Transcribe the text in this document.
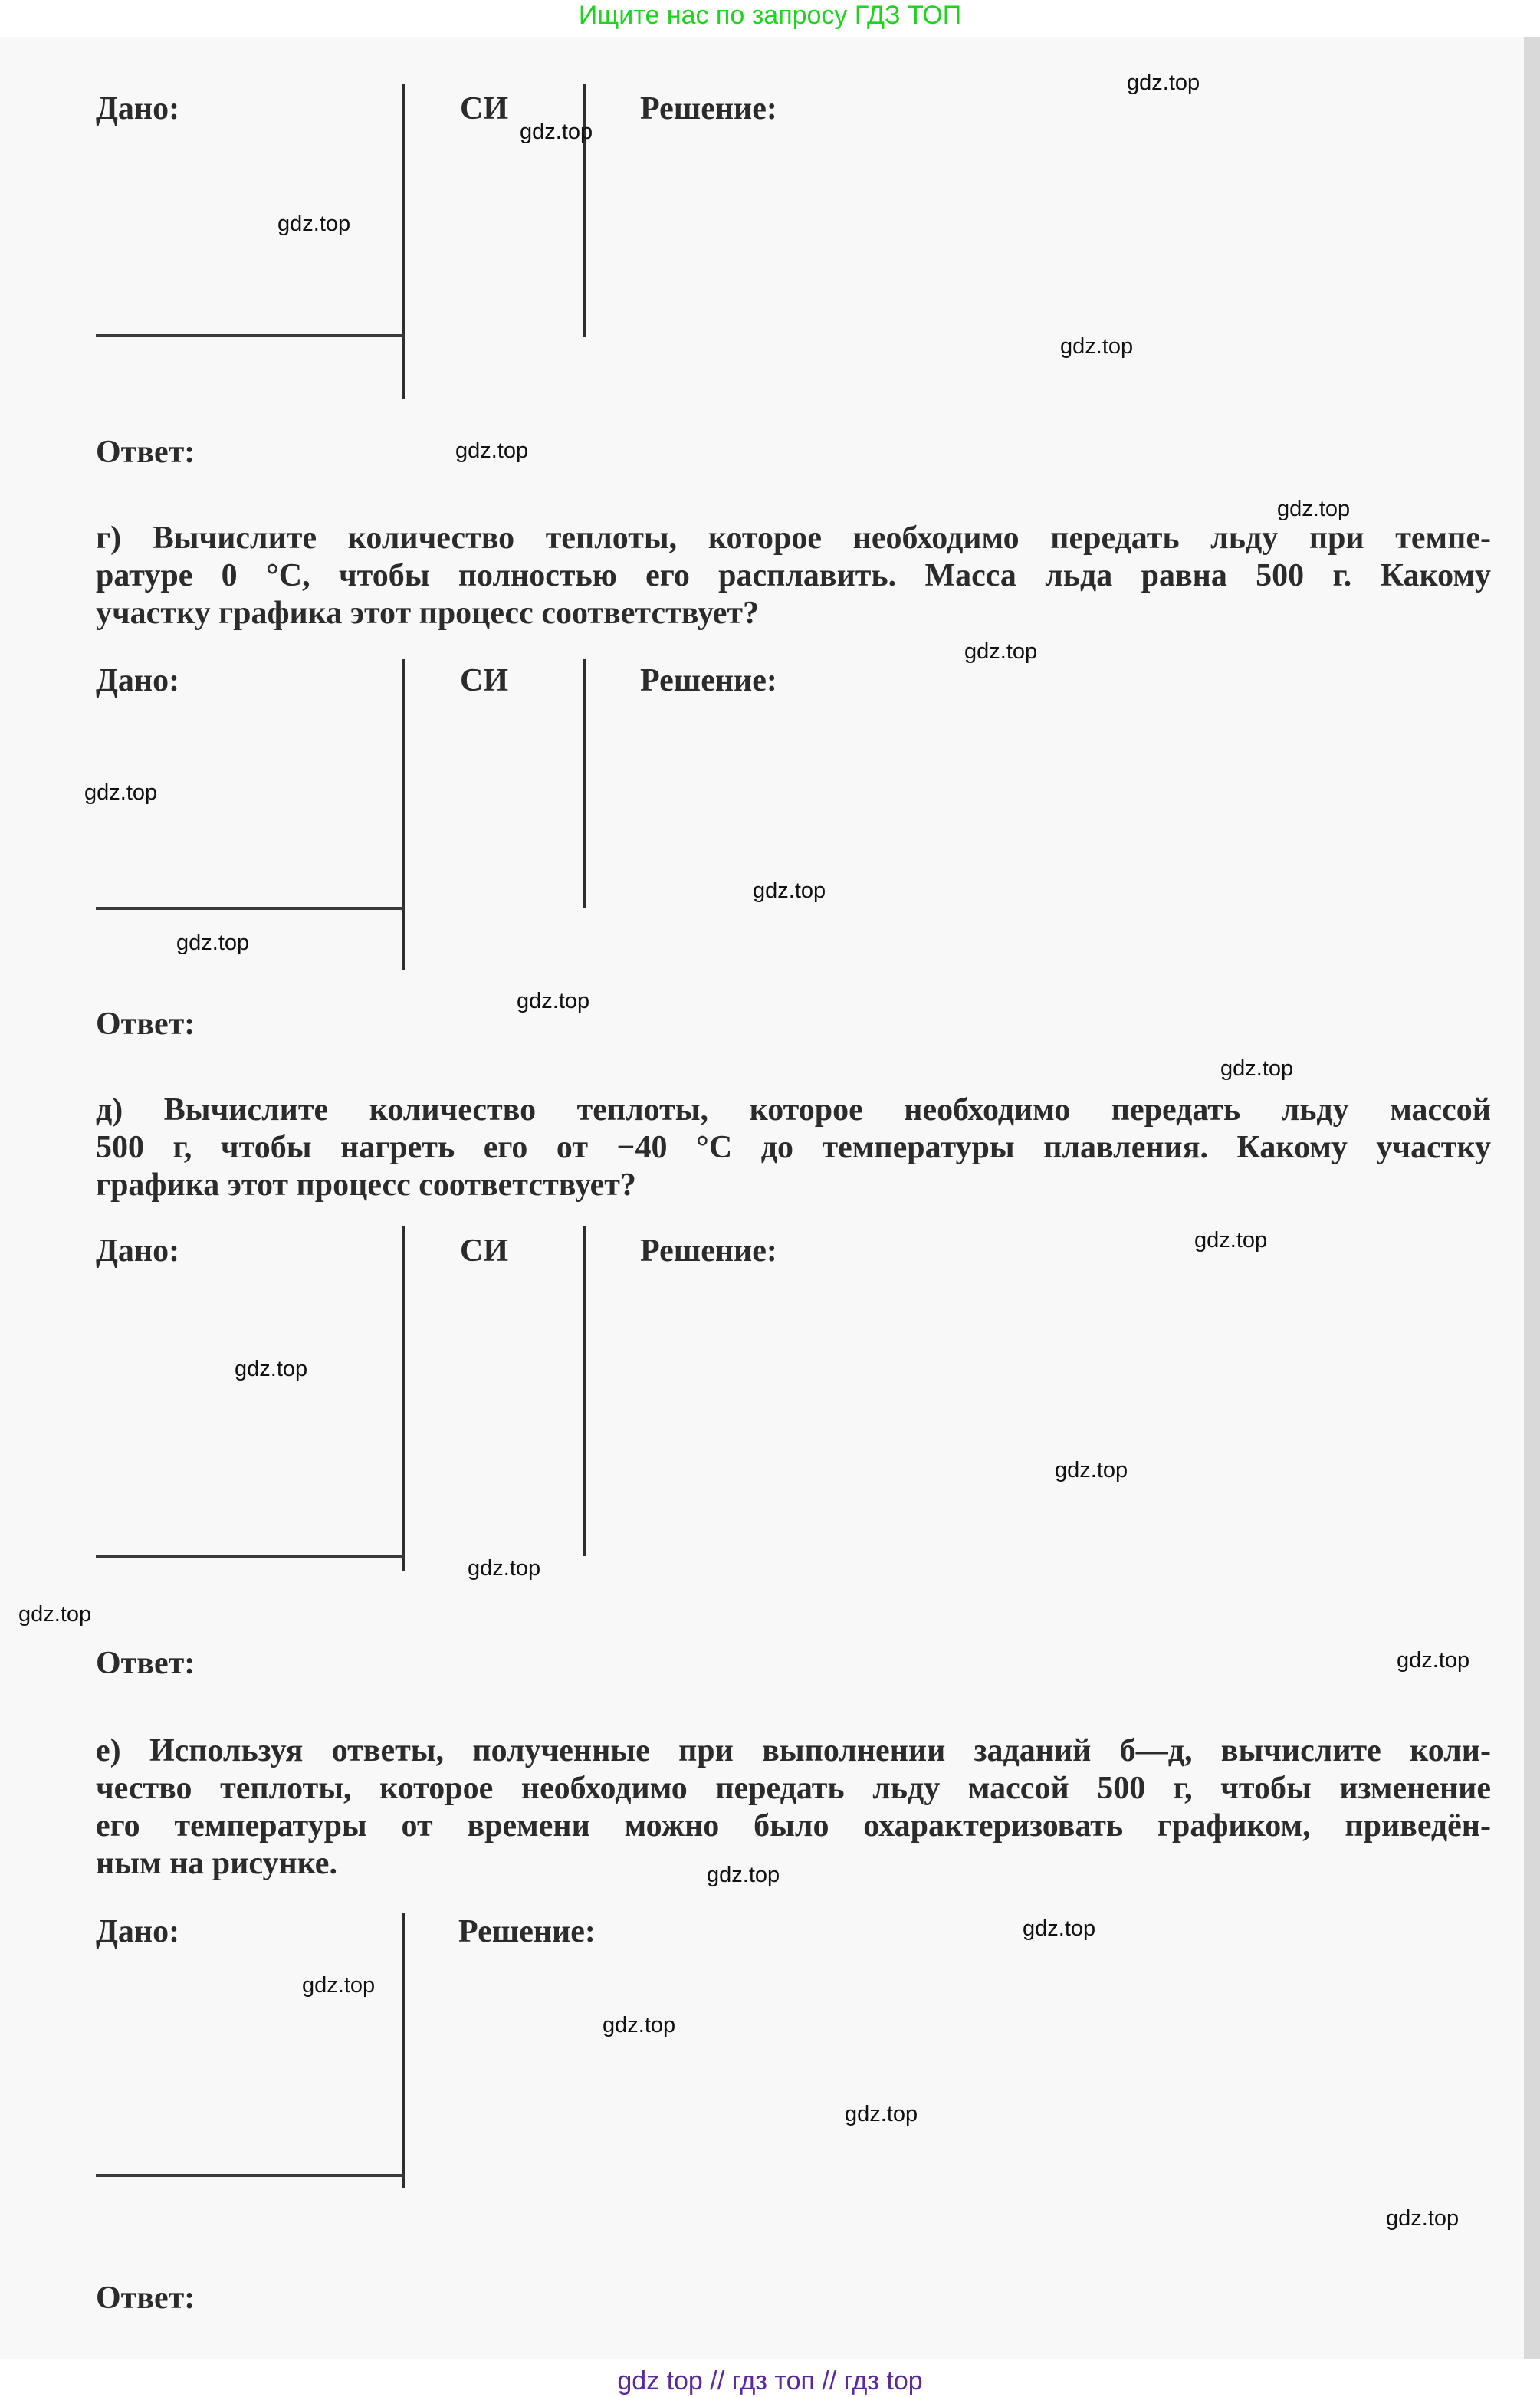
Ищите нас по запросу ГДЗ ТОП
Дано:	СИ	Решение:
Ответ:
г) Вычислите количество теплоты, которое необходимо передать льду при темпе-
ратуре 0 °C, чтобы полностью его расплавить. Масса льда равна 500 г. Какому
участку графика этот процесс соответствует?
Дано:	СИ	Решение:
Ответ:
д) Вычислите количество теплоты, которое необходимо передать льду массой
500 г, чтобы нагреть его от −40 °C до температуры плавления. Какому участку
графика этот процесс соответствует?
Дано:	СИ	Решение:
Ответ:
е) Используя ответы, полученные при выполнении заданий б—д, вычислите коли-
чество теплоты, которое необходимо передать льду массой 500 г, чтобы изменение
его температуры от времени можно было охарактеризовать графиком, приведён-
ным на рисунке.
Дано:	Решение:
Ответ:
gdz.top
gdz.top
gdz.top
gdz.top
gdz.top
gdz.top
gdz.top
gdz.top
gdz.top
gdz.top
gdz.top
gdz.top
gdz.top
gdz.top
gdz.top
gdz.top
gdz.top
gdz.top
gdz.top
gdz.top
gdz.top
gdz.top
gdz.top
gdz.top
gdz top // гдз топ // гдз top
